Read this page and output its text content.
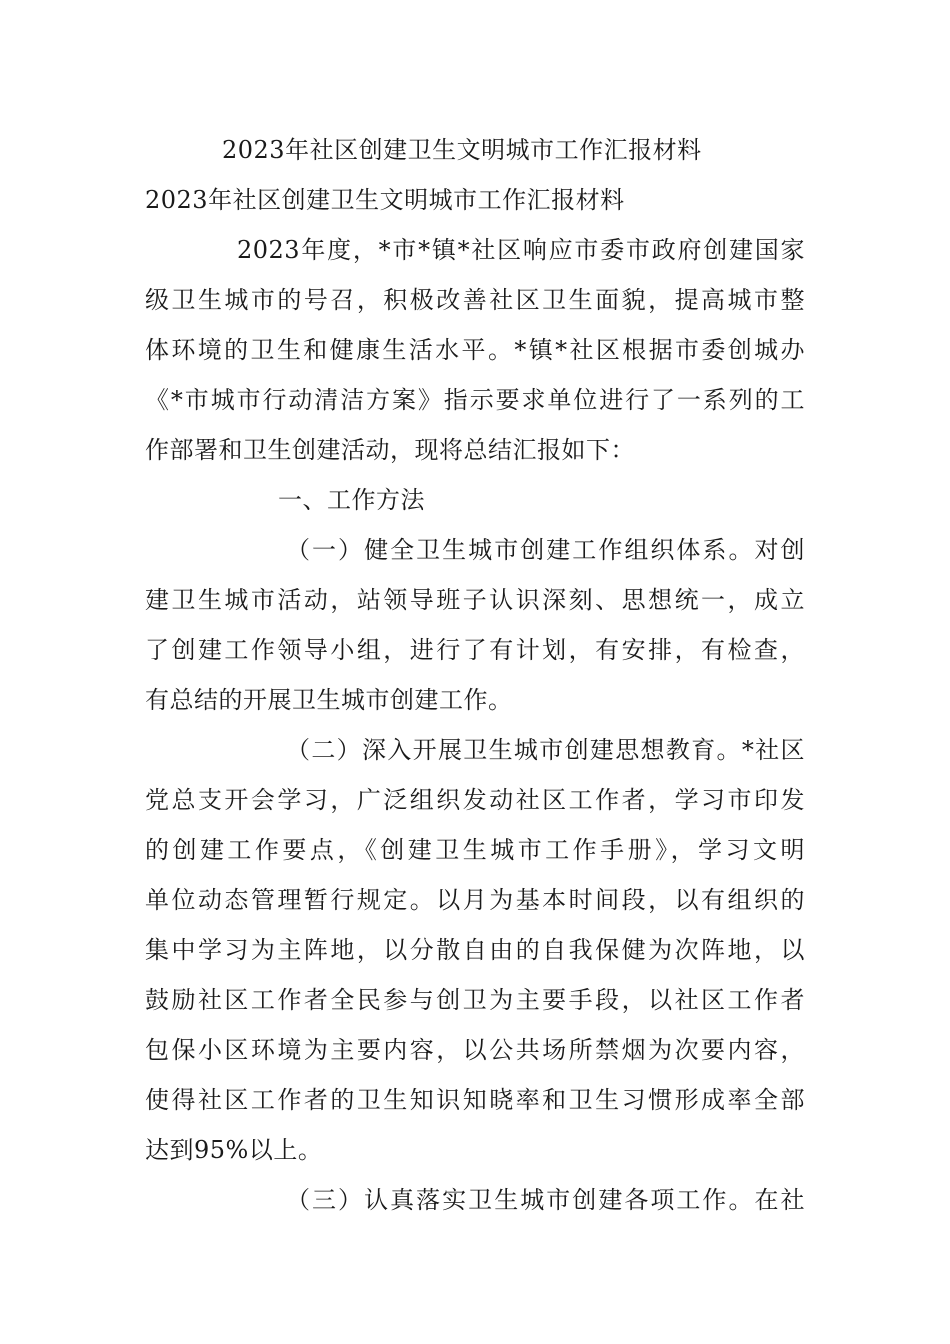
2023年社区创建卫生文明城市工作汇报材料
2023年社区创建卫生文明城市工作汇报材料
2023年度，*市*镇*社区响应市委市政府创建国家
级卫生城市的号召，积极改善社区卫生面貌，提高城市整
体环境的卫生和健康生活水平。*镇*社区根据市委创城办
《*市城市行动清洁方案》指示要求单位进行了一系列的工
作部署和卫生创建活动，现将总结汇报如下：
一、工作方法
（一）健全卫生城市创建工作组织体系。对创
建卫生城市活动，站领导班子认识深刻、思想统一，成立
了创建工作领导小组，进行了有计划，有安排，有检查，
有总结的开展卫生城市创建工作。
（二）深入开展卫生城市创建思想教育。*社区
党总支开会学习，广泛组织发动社区工作者，学习市印发
的创建工作要点，《创建卫生城市工作手册》，学习文明
单位动态管理暂行规定。以月为基本时间段，以有组织的
集中学习为主阵地，以分散自由的自我保健为次阵地，以
鼓励社区工作者全民参与创卫为主要手段，以社区工作者
包保小区环境为主要内容，以公共场所禁烟为次要内容，
使得社区工作者的卫生知识知晓率和卫生习惯形成率全部
达到95%以上。
（三）认真落实卫生城市创建各项工作。在社
